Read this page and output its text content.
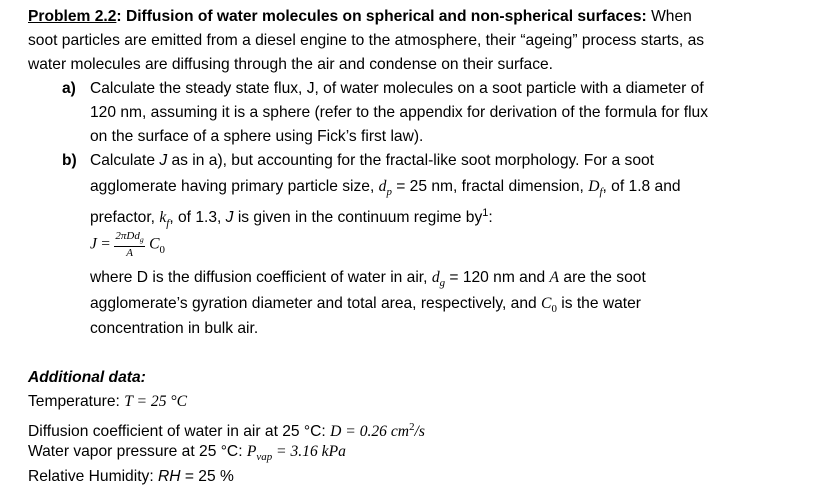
Problem 2.2: Diffusion of water molecules on spherical and non-spherical surfaces: When
soot particles are emitted from a diesel engine to the atmosphere, their “ageing” process starts, as
water molecules are diffusing through the air and condense on their surface.
a) Calculate the steady state flux, J, of water molecules on a soot particle with a diameter of
120 nm, assuming it is a sphere (refer to the appendix for derivation of the formula for flux
on the surface of a sphere using Fick’s first law).
b) Calculate J as in a), but accounting for the fractal-like soot morphology. For a soot
agglomerate having primary particle size, $d_p = 25$ nm, fractal dimension, $D_f$, of 1.8 and
prefactor, $k_f$, of 1.3, J is given in the continuum regime $by^1$:
$J = \frac{2\pi Dd_g}{A} C_0$
where D is the diffusion coefficient of water in air, $d_g = 120$ nm and A are the soot
agglomerate’s gyration diameter and total area, respectively, and $C_0$ is the water
concentration in bulk air.
Additional data:
Temperature: T = 25 °C
Diffusion coefficient of water in air at 25 °C: D = 0.26 $cm^2/s$
Water vapor pressure at 25 °C: $P_{vap} = 3.16$ kPa
Relative Humidity: RH = 25 %
